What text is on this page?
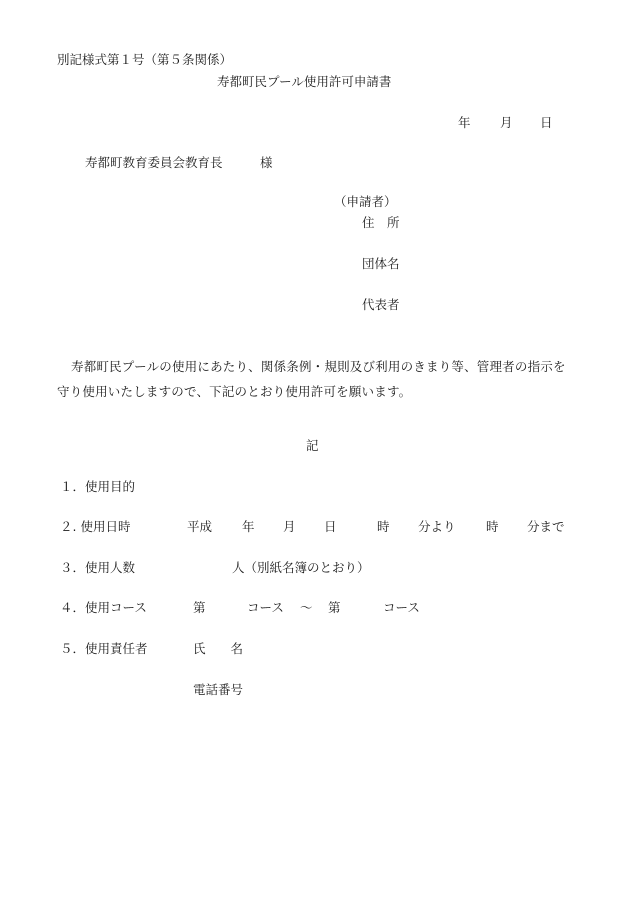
別記様式第１号（第５条関係）
寿都町民プール使用許可申請書
年 月 日
寿都町教育委員会教育長	様
（申請者）
住　所
団体名
代表者
寿都町民プールの使用にあたり、関係条例・規則及び利用のきまり等、管理者の指示を守り使用いたしますので、下記のとおり使用許可を願います。
記
１．使用目的
２. 使用日時	平成 年 月 日	時 分より 時 分まで
３．使用人数	人（別紙名簿のとおり）
４．使用コース	第	コース ～ 第	コース
５．使用責任者	氏　　名
電話番号
